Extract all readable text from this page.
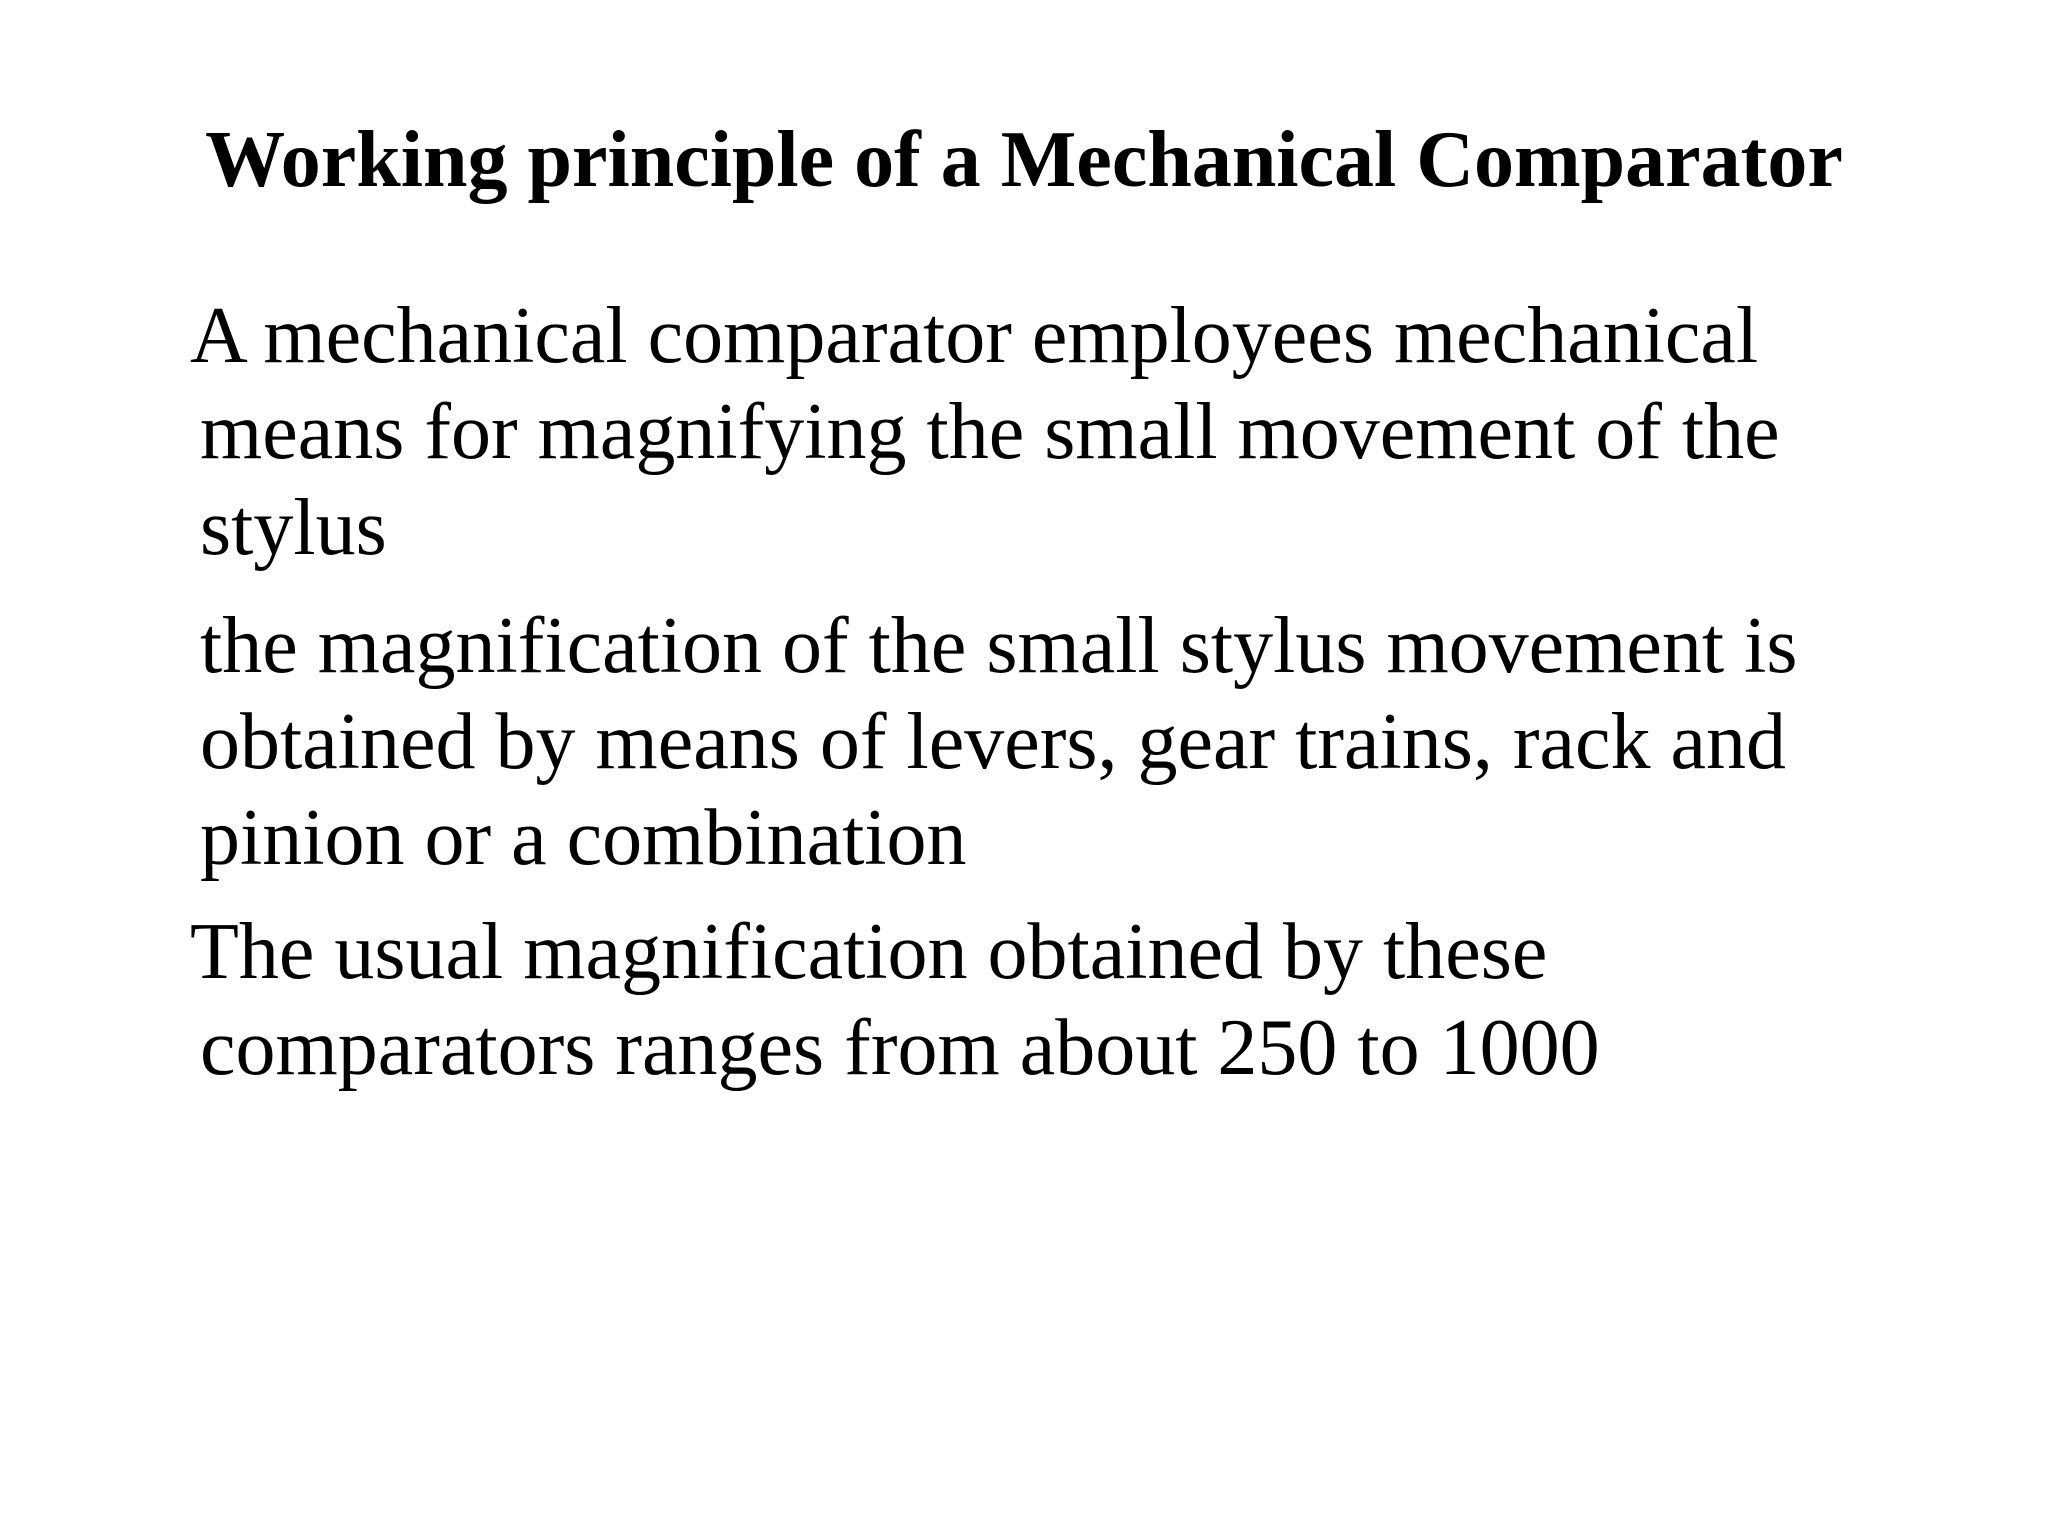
Working principle of a Mechanical Comparator
A mechanical comparator employees mechanical
means for magnifying the small movement of the
stylus
the magnification of the small stylus movement is
obtained by means of levers, gear trains, rack and
pinion or a combination
The usual magnification obtained by these
comparators ranges from about 250 to 1000
